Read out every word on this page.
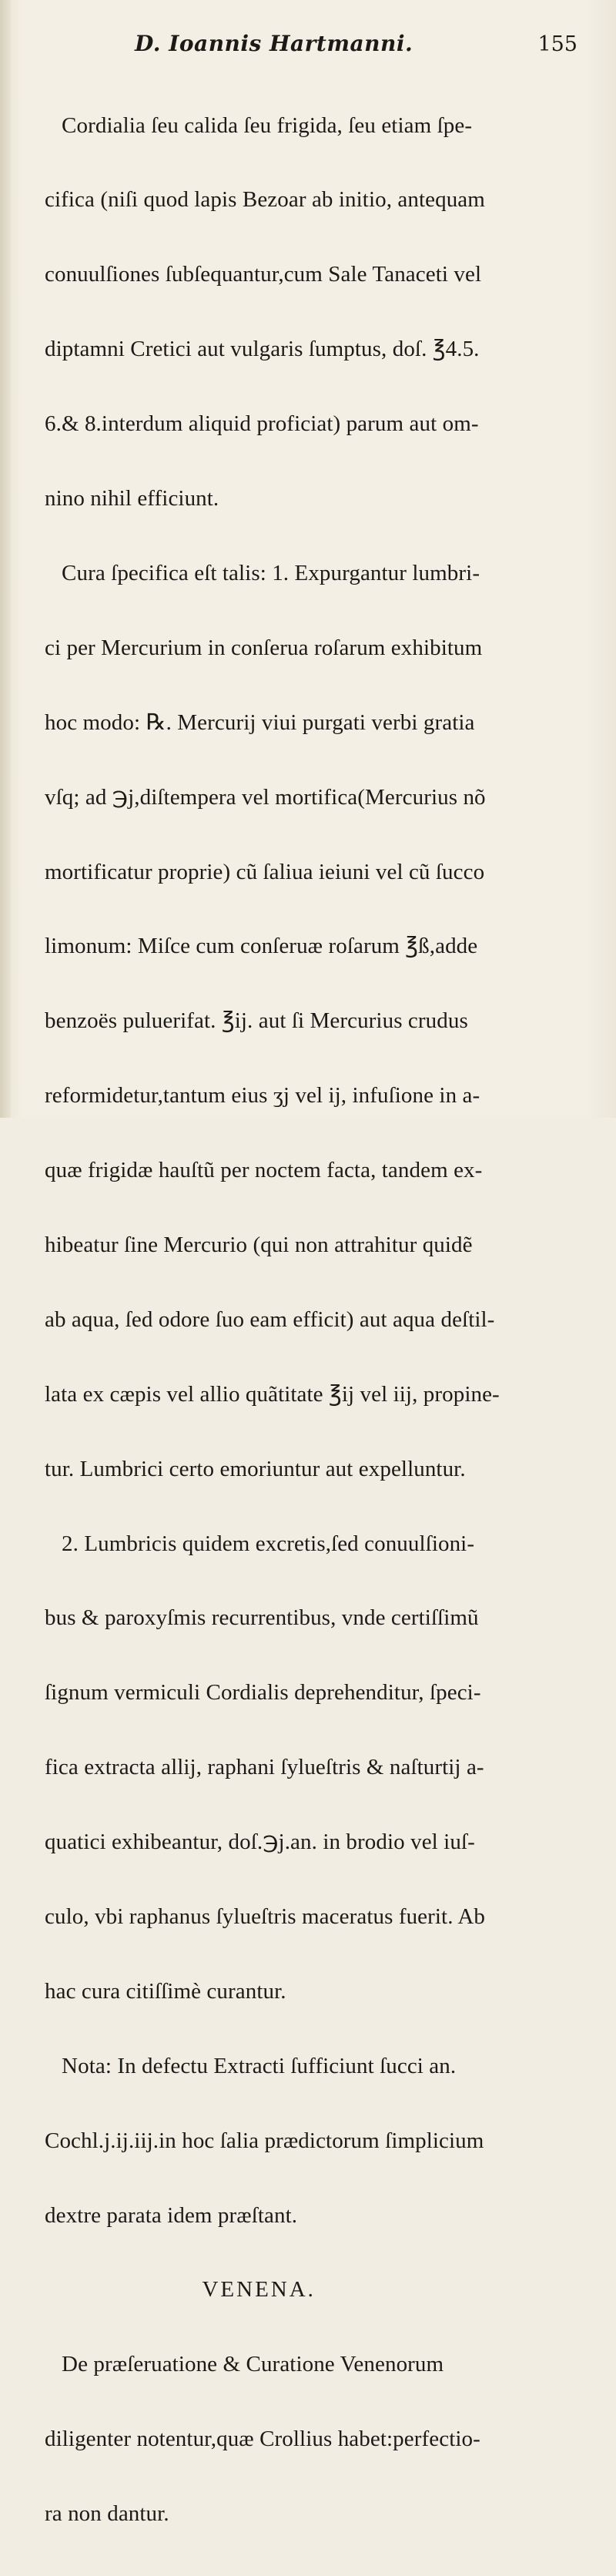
D. Ioannis Hartmanni.	155

Cordialia ſeu calida ſeu frigida, ſeu etiam ſpe-

cifica (niſi quod lapis Bezoar ab initio, antequam

conuulſiones ſubſequantur,cum Sale Tanaceti vel

diptamni Cretici aut vulgaris ſumptus, doſ. ℥4.5.

6.& 8.interdum aliquid proficiat) parum aut om-

nino nihil efficiunt.

Cura ſpecifica eſt talis: 1. Expurgantur lumbri-

ci per Mercurium in conſerua roſarum exhibitum

hoc modo: ℞. Mercurij viui purgati verbi gratia

vſq; ad ℈j,diſtempera vel mortifica(Mercurius nõ

mortificatur proprie) cũ ſaliua ieiuni vel cũ ſucco

limonum: Miſce cum conſeruæ roſarum ℥ß,adde

benzoës puluerifat. ℥ij. aut ſi Mercurius crudus

reformidetur,tantum eius ʒj vel ij, infuſione in a-

quæ frigidæ hauſtũ per noctem facta, tandem ex-

hibeatur ſine Mercurio (qui non attrahitur quidẽ

ab aqua, ſed odore ſuo eam efficit) aut aqua deſtil-

lata ex cæpis vel allio quãtitate ℥ij vel iij, propine-

tur. Lumbrici certo emoriuntur aut expelluntur.

2. Lumbricis quidem excretis,ſed conuulſioni-

bus & paroxyſmis recurrentibus, vnde certiſſimũ

ſignum vermiculi Cordialis deprehenditur, ſpeci-

fica extracta allij, raphani ſylueſtris & naſturtij a-

quatici exhibeantur, doſ.℈j.an. in brodio vel iuſ-

culo, vbi raphanus ſylueſtris maceratus fuerit. Ab

hac cura citiſſimè curantur.

Nota: In defectu Extracti ſufficiunt ſucci an.

Cochl.j.ij.iij.in hoc ſalia prædictorum ſimplicium

dextre parata idem præſtant.

VENENA.

De præſeruatione & Curatione Venenorum

diligenter notentur,quæ Crollius habet:perfectio-

ra non dantur.
